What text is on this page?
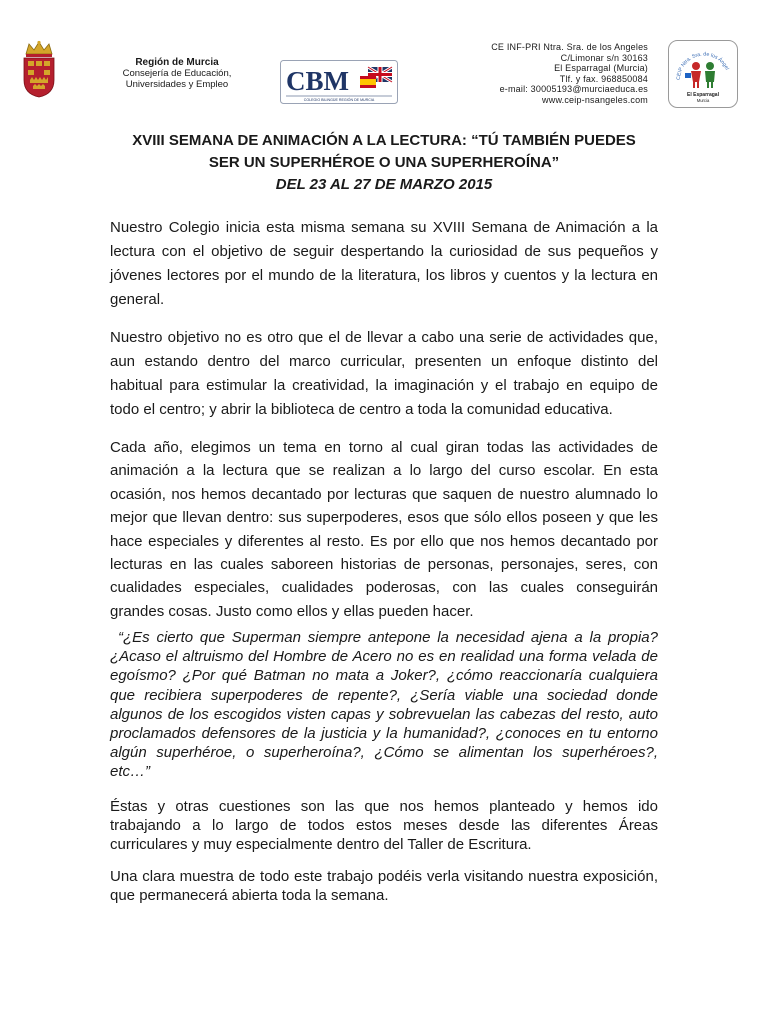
Región de Murcia
Consejería de Educación,
Universidades y Empleo	CBM
COLEGIO BILINGÜE REGIÓN DE MURCIA
CE INF-PRI Ntra. Sra. de los Angeles
C/Limonar s/n 30163
El Esparragal (Murcia)
Tlf. y fax. 968850084
e-mail: 30005193@murciaeduca.es
www.ceip-nsangeles.com
CEIP Ntra. Sra. de los Ángel
El Esparragal
Murcia
XVIII SEMANA DE ANIMACIÓN A LA LECTURA: “TÚ TAMBIÉN PUEDES
SER UN SUPERHÉROE O UNA SUPERHEROÍNA”
DEL 23 AL 27 DE MARZO 2015
Nuestro Colegio inicia esta misma semana su XVIII Semana de Animación a la lectura con el objetivo de seguir despertando la curiosidad de sus pequeños y jóvenes lectores por el mundo de la literatura, los libros y cuentos y la lectura en general.
Nuestro objetivo no es otro que el de llevar a cabo una serie de actividades que, aun estando dentro del marco curricular, presenten un enfoque distinto del habitual para estimular la creatividad, la imaginación y el trabajo en equipo de todo el centro; y abrir la biblioteca de centro a toda la comunidad educativa.
Cada año, elegimos un tema en torno al cual giran todas las actividades de animación a la lectura que se realizan a lo largo del curso escolar. En esta ocasión, nos hemos decantado por lecturas que saquen de nuestro alumnado lo mejor que llevan dentro: sus superpoderes, esos que sólo ellos poseen y que les hace especiales y diferentes al resto. Es por ello que nos hemos decantado por lecturas en las cuales saboreen historias de personas, personajes, seres, con cualidades especiales, cualidades poderosas, con las cuales conseguirán grandes cosas. Justo como ellos y ellas pueden hacer.
“¿Es cierto que Superman siempre antepone la necesidad ajena a la propia? ¿Acaso el altruismo del Hombre de Acero no es en realidad una forma velada de egoísmo? ¿Por qué Batman no mata a Joker?, ¿cómo reaccionaría cualquiera que recibiera superpoderes de repente?, ¿Sería viable una sociedad donde algunos de los escogidos visten capas y sobrevuelan las cabezas del resto, auto proclamados defensores de la justicia y la humanidad?, ¿conoces en tu entorno algún superhéroe, o superheroína?, ¿Cómo se alimentan los superhéroes?, etc…”
Éstas y otras cuestiones son las que nos hemos planteado y hemos ido trabajando a lo largo de todos estos meses desde las diferentes Áreas curriculares y muy especialmente dentro del Taller de Escritura.
Una clara muestra de todo este trabajo podéis verla visitando nuestra exposición, que permanecerá abierta toda la semana.
